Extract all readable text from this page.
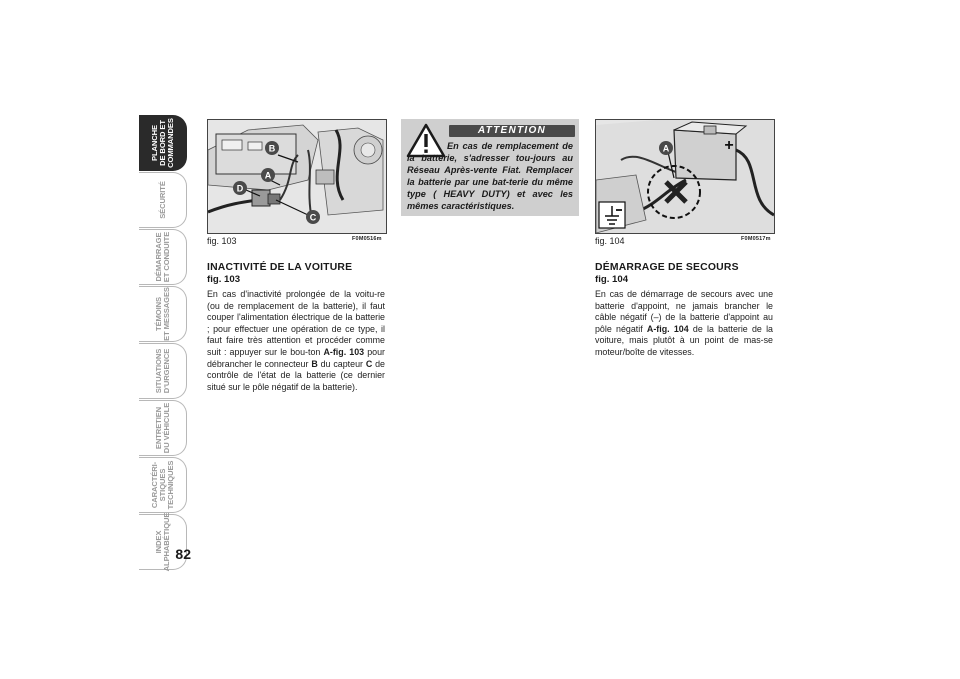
PLANCHE
DE BORD ET
COMMANDES
SÉCURITÉ
DÉMARRAGE
ET CONDUITE
TÉMOINS
ET MESSAGES
SITUATIONS
D'URGENCE
ENTRETIEN
DU VÉHICULE
CARACTÉRI-
STIQUES
TECHNIQUES
INDEX
ALPHABÉTIQUE 82
B
A
D
C
fig. 103	F0M0516m

INACTIVITÉ DE LA VOITURE

fig. 103

En cas d'inactivité prolongée de la voitu-re (ou de remplacement de la batterie), il faut couper l'alimentation électrique de la batterie ; pour effectuer une opération de ce type, il faut faire très attention et procéder comme suit : appuyer sur le bou-ton A-fig. 103 pour débrancher le connecteur B du capteur C de contrôle de l'état de la batterie (ce dernier situé sur le pôle négatif de la batterie).

ATTENTION

En cas de remplacement de la batterie, s'adresser tou-jours au Réseau Après-vente Fiat. Remplacer la batterie par une bat-terie du même type ( HEAVY DUTY) et avec les mêmes caractéristiques.

+
A
fig. 104	F0M0517m

DÉMARRAGE DE SECOURS

fig. 104

En cas de démarrage de secours avec une batterie d'appoint, ne jamais brancher le câble négatif (–) de la batterie d'appoint au pôle négatif A-fig. 104 de la batterie de la voiture, mais plutôt à un point de mas-se moteur/boîte de vitesses.
